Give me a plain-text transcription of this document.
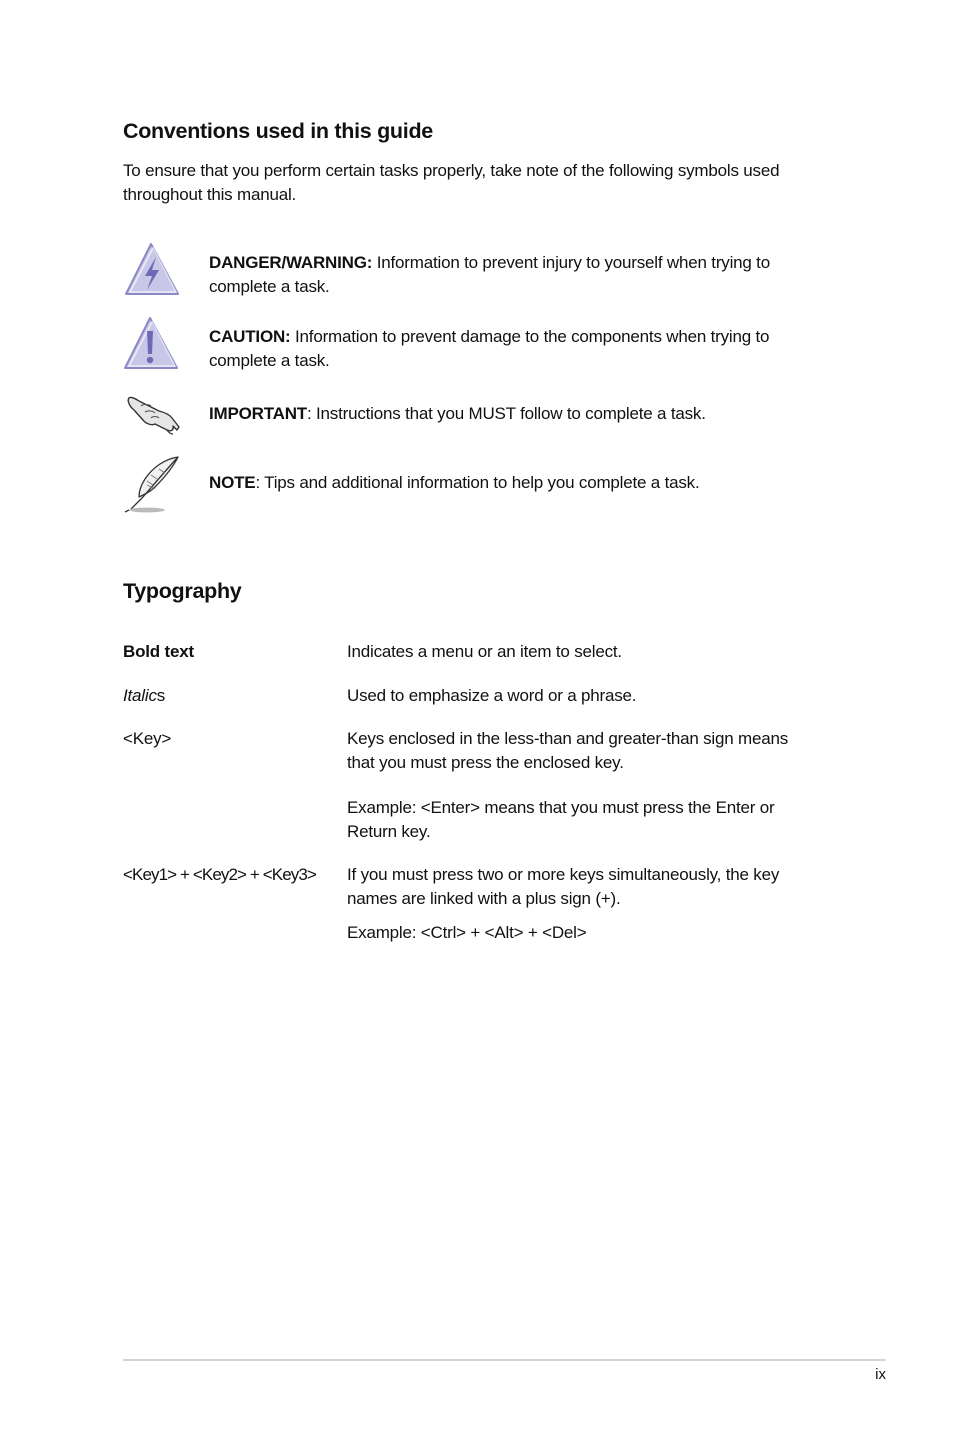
Conventions used in this guide
To ensure that you perform certain tasks properly, take note of the following symbols used throughout this manual.
DANGER/WARNING: Information to prevent injury to yourself when trying to complete a task.
CAUTION: Information to prevent damage to the components when trying to complete a task.
IMPORTANT: Instructions that you MUST follow to complete a task.
NOTE: Tips and additional information to help you complete a task.
Typography
Bold text	Indicates a menu or an item to select.
Italics	Used to emphasize a word or a phrase.
<Key>	Keys enclosed in the less-than and greater-than sign means that you must press the enclosed key.
Example: <Enter> means that you must press the Enter or Return key.
<Key1> + <Key2> + <Key3>	If you must press two or more keys simultaneously, the key names are linked with a plus sign (+).
Example: <Ctrl> + <Alt> + <Del>
ix
